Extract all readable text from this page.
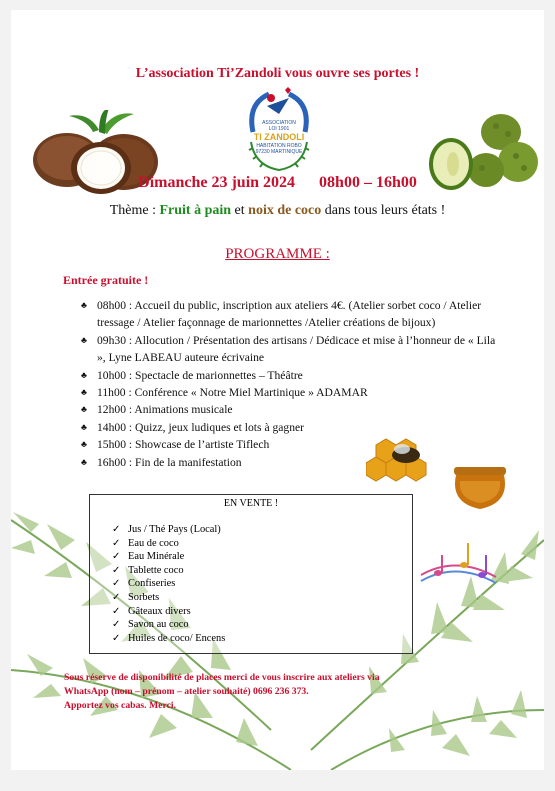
L’association Ti’Zandoli vous ouvre ses portes !
ASSOCIATION
LOI 1901
TI ZANDOLI
HABITATION ROBO
97230 MARTINIQUE
Dimanche 23 juin 2024 08h00 – 16h00
Thème : Fruit à pain et noix de coco dans tous leurs états !
PROGRAMME :
Entrée gratuite !
♣ 08h00 : Accueil du public, inscription aux ateliers 4€. (Atelier sorbet coco / Atelier tressage / Atelier façonnage de marionnettes /Atelier créations de bijoux)
♣ 09h30 : Allocution / Présentation des artisans / Dédicace et mise à l’honneur de « Lila », Lyne LABEAU auteure écrivaine
♣ 10h00 : Spectacle de marionnettes – Théâtre
♣ 11h00 : Conférence « Notre Miel Martinique » ADAMAR
♣ 12h00 : Animations musicale
♣ 14h00 : Quizz, jeux ludiques et lots à gagner
♣ 15h00 : Showcase de l’artiste Tiflech
♣ 16h00 : Fin de la manifestation
EN VENTE !
✓ Jus / Thé Pays (Local)
✓ Eau de coco
✓ Eau Minérale
✓ Tablette coco
✓ Confiseries
✓ Sorbets
✓ Gâteaux divers
✓ Savon au coco
✓ Huiles de coco/ Encens
Sous réserve de disponibilité de places merci de vous inscrire aux ateliers via
WhatsApp (nom – prénom – atelier souhaité) 0696 236 373.
Apportez vos cabas. Merci.
